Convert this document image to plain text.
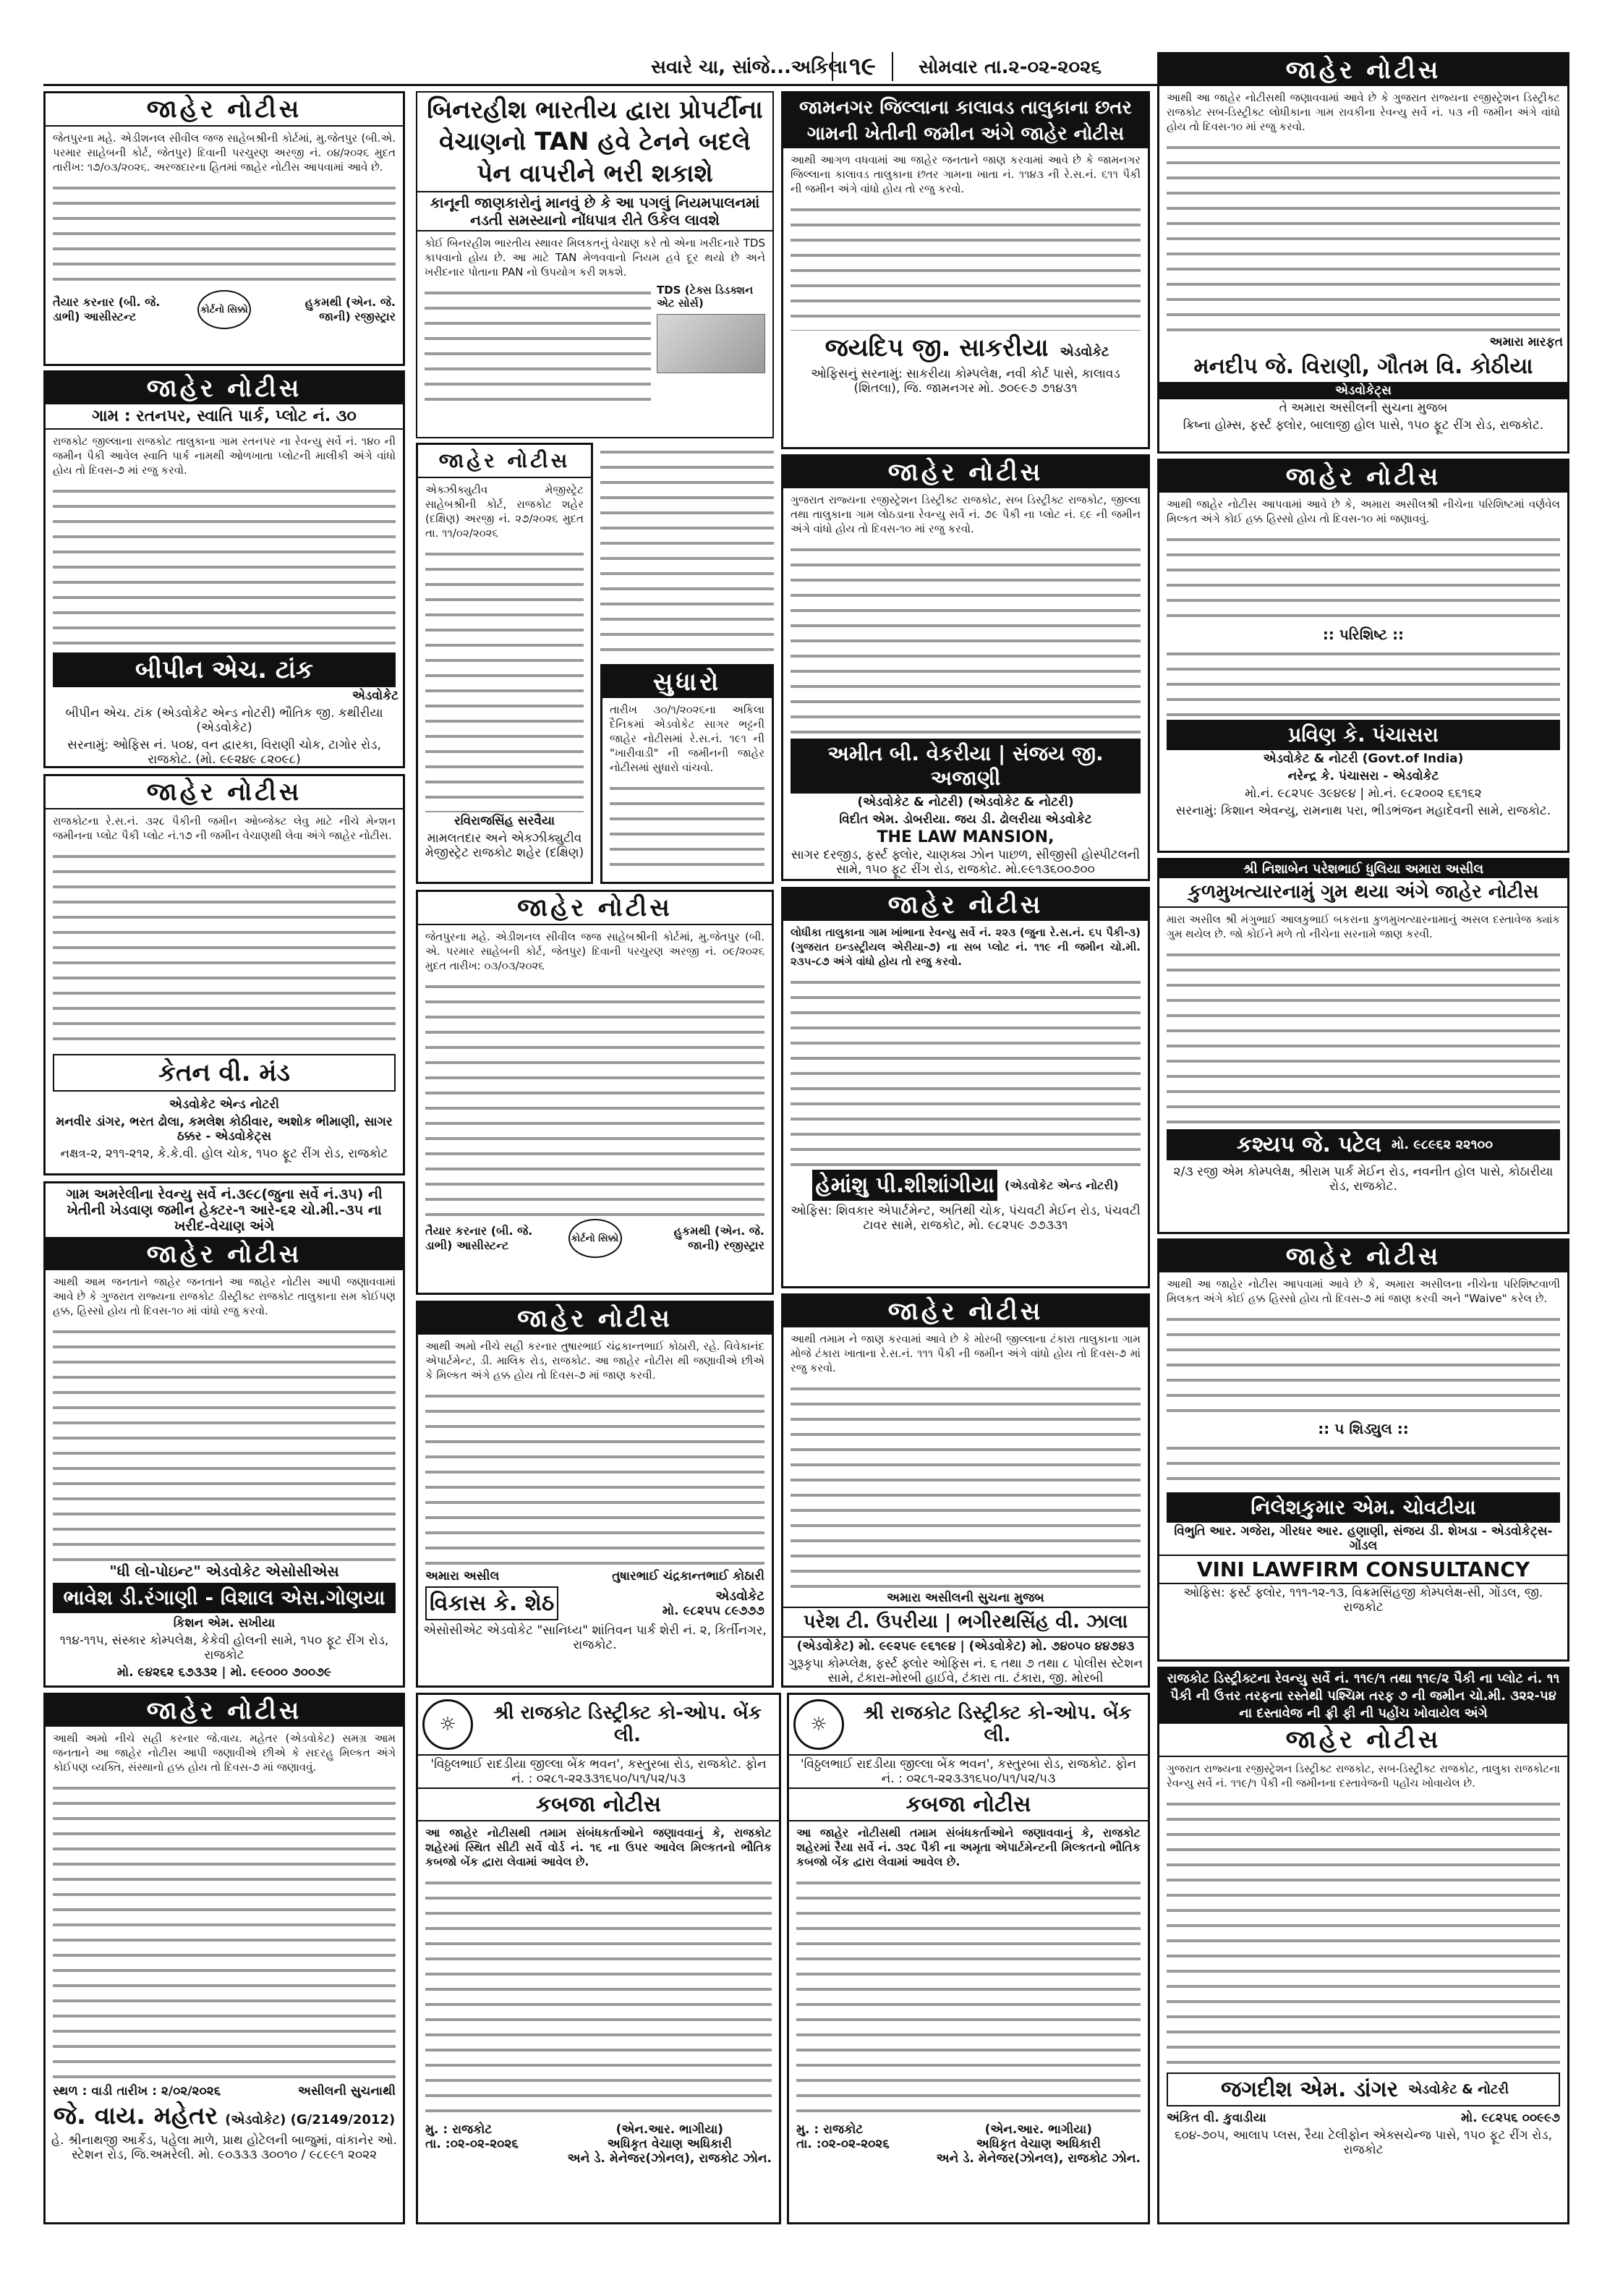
સવારે ચા, સાંજે...અકિલા ૧૯	સોમવાર તા.૨-૦૨-૨૦૨૬
જાહેર નોટીસ
જેતપુરના મહે. એડીશનલ સીવીલ જજ સાહેબશ્રીની કોર્ટમાં, મુ.જેતપુર (બી.એ. પરમાર સાહેબની કોર્ટ, જેતપુર) દિવાની પરચુરણ અરજી નં. ૦૪/૨૦૨૬ મુદત તારીખ: ૧૭/૦૩/૨૦૨૬. અરજદારના હિતમાં જાહેર નોટીસ આપવામાં આવે છે.
તૈયાર કરનાર (બી. જે. ડાભી) આસીસ્ટન્ટ	કોર્ટનો સિક્કો
હુકમથી (એન. જે. જાની) રજીસ્ટ્રાર
જાહેર નોટીસ
ગામ : રતનપર, સ્વાતિ પાર્ક, પ્લોટ નં. ૩૦
રાજકોટ જીલ્લાના રાજકોટ તાલુકાના ગામ રતનપર ના રેવન્યુ સર્વે નં. ૧૪૦ ની જમીન પૈકી આવેલ સ્વાતિ પાર્ક નામથી ઓળખાતા પ્લોટની માલીકી અંગે વાંધો હોય તો દિવસ-૭ માં રજુ કરવો.
બીપીન એચ. ટાંક
એડવોકેટ
બીપીન એચ. ટાંક (એડવોકેટ એન્ડ નોટરી) ભૌતિક જી. કથીરીયા (એડવોકેટ)
સરનામું: ઓફિસ નં. ૫૦૪, વન દ્વારકા, વિરાણી ચોક, ટાગોર રોડ, રાજકોટ. (મો. ૯૯૨૪૯ ૮૨૦૯૮)
જાહેર નોટીસ
રાજકોટના રે.સ.નં. ૩૨૮ પૈકીની જમીન ઓબ્જેક્ટ લેવુ માટે નીચે મેન્શન જમીનના પ્લોટ પૈકી પ્લોટ નં.૧૭ ની જમીન વેચાણથી લેવા અંગે જાહેર નોટીસ.
કેતન વી. મંડ
એડવોકેટ એન્ડ નોટરી
મનવીર ડાંગર, ભરત ઢોલા, કમલેશ કોઠીવાર, અશોક ભીમાણી, સાગર ઠક્કર - એડવોકેટ્સ
નક્ષત્ર-૨, ૨૧૧-૨૧૨, કે.કે.વી. હોલ ચોક, ૧૫૦ ફૂટ રીંગ રોડ, રાજકોટ
ગામ અમરેલીના રેવન્યુ સર્વે નં.૩૯૮(જુના સર્વે નં.૩૫) ની ખેતીની ખેડવાણ જમીન હેક્ટર-૧ આરે-૬૨ ચો.મી.-૩૫ ના ખરીદ-વેચાણ અંગે
જાહેર નોટીસ
આથી આમ જનતાને જાહેર જનતાને આ જાહેર નોટીસ આપી જણાવવામાં આવે છે કે ગુજરાત રાજ્યના રાજકોટ ડીસ્ટ્રીક્ટ રાજકોટ તાલુકાના સમ કોઈપણ હક્ક, હિસ્સો હોય તો દિવસ-૧૦ માં વાંધો રજુ કરવો.
"ધી લો-પોઇન્ટ" એડવોકેટ એસોસીએસ
ભાવેશ ડી.રંગાણી - વિશાલ એસ.ગોણયા
કિશન એમ. સખીયા
૧૧૪-૧૧૫, સંસ્કાર કોમ્પલેક્ષ, કેકેવી હોલની સામે, ૧૫૦ ફૂટ રીંગ રોડ, રાજકોટ
મો. ૯૪૨૬૨ ૬૭૩૩૨ | મો. ૯૯૦૦૦ ૭૦૦૭૯
જાહેર નોટીસ
આથી અમો નીચે સહી કરનાર જે.વાય. મહેતર (એડવોકેટ) સમગ્ર આમ જનતાને આ જાહેર નોટીસ આપી જણાવીએ છીએ કે સદરહુ મિલ્કત અંગે કોઈપણ વ્યક્તિ, સંસ્થાનો હક્ક હોય તો દિવસ-૭ માં જણાવવું.
સ્થળ : વાડી તારીખ : ૨/૦૨/૨૦૨૬	અસીલની સુચનાથી
જે. વાય. મહેતર (એડવોકેટ) (G/2149/2012)
હે. શ્રીનાથજી આર્કેડ, પહેલા માળે, પ્રાથ હોટેલની બાજુમાં, વાંકાનેર ઓ. સ્ટેશન રોડ, જિ.અમરેલી. મો. ૯૦૩૩૩ ૩૦૦૧૦ / ૯૮૯૯૧ ૨૦૨૨
બિનરહીશ ભારતીય દ્વારા પ્રોપર્ટીના વેચાણનો TAN હવે ટેનને બદલે પેન વાપરીને ભરી શકાશે
કાનૂની જાણકારોનું માનવું છે કે આ પગલું નિયમપાલનમાં નડતી સમસ્યાનો નોંધપાત્ર રીતે ઉકેલ લાવશે
કોઈ બિનરહીશ ભારતીય સ્થાવર મિલકતનું વેચાણ કરે તો એના ખરીદનારે TDS કાપવાનો હોય છે. આ માટે TAN મેળવવાનો નિયમ હવે દૂર થયો છે અને ખરીદનાર પોતાના PAN નો ઉપયોગ કરી શકશે.
TDS (ટેક્સ ડિડક્શન એટ સોર્સ)
જાહેર નોટીસ
એક્ઝીક્યુટીવ મેજીસ્ટ્રેટ સાહેબશ્રીની કોર્ટ, રાજકોટ શહેર (દક્ષિણ) અરજી નં. ૨૭/૨૦૨૬ મુદત તા. ૧૧/૦૨/૨૦૨૬
રવિરાજસિંહ સરવૈયા
મામલતદાર અને એક્ઝીક્યુટીવ મેજીસ્ટ્રેટ રાજકોટ શહેર (દક્ષિણ)
સુધારો
તારીખ ૩૦/૧/૨૦૨૬ના અકિલા દૈનિકમાં એડવોકેટ સાગર ભટ્ટની જાહેર નોટીસમાં રે.સ.નં. ૧૯૧ ની "ખારીવાડી" ની જમીનની જાહેર નોટીસમાં સુધારો વાંચવો.
જાહેર નોટીસ
જેતપુરના મહે. એડીશનલ સીવીલ જજ સાહેબશ્રીની કોર્ટમાં, મુ.જેતપુર (બી. એ. પરમાર સાહેબની કોર્ટ, જેતપુર) દિવાની પરચુરણ અરજી નં. ૦૯/૨૦૨૬ મુદત તારીખ: ૦૩/૦૩/૨૦૨૬
તૈયાર કરનાર (બી. જે. ડાભી) આસીસ્ટન્ટ	કોર્ટનો સિક્કો
હુકમથી (એન. જે. જાની) રજીસ્ટ્રાર
જાહેર નોટીસ
આથી અમો નીચે સહી કરનાર તુષારભાઈ ચંદ્રકાન્તભાઈ કોઠારી, રહે. વિવેકાનંદ એપાર્ટમેન્ટ, ડી. માલિક રોડ, રાજકોટ. આ જાહેર નોટીસ થી જણાવીએ છીએ કે મિલ્કત અંગે હક્ક હોય તો દિવસ-૭ માં જાણ કરવી.
અમારા અસીલ	તુષારભાઈ ચંદ્રકાન્તભાઈ કોઠારી
વિકાસ કે. શેઠ	એડવોકેટ
મો. ૯૮૨૫૫ ૮૯૭૭૭
એસોસીએટ એડવોકેટ "સાનિધ્ય" શાંતિવન પાર્ક શેરી નં. ૨, કિર્તીનગર, રાજકોટ.
જામનગર જિલ્લાના કાલાવડ તાલુકાના છતર ગામની ખેતીની જમીન અંગે જાહેર નોટીસ
આથી આગળ વધવામાં આ જાહેર જનતાને જાણ કરવામાં આવે છે કે જામનગર જિલ્લાના કાલાવડ તાલુકાના છતર ગામના ખાતા નં. ૧૧૪૩ ની રે.સ.નં. ૬૧૧ પૈકી ની જમીન અંગે વાંધો હોય તો રજુ કરવો.
જયદિપ જી. સાકરીયા એડવોકેટ
ઓફિસનું સરનામું: સાકરીયા કોમ્પલેક્ષ, નવી કોર્ટ પાસે, કાલાવડ (શિતલા), જિ. જામનગર મો. ૭૦૯૯૭ ૭૧૪૩૧
જાહેર નોટીસ
ગુજરાત રાજ્યના રજીસ્ટ્રેશન ડિસ્ટ્રીક્ટ રાજકોટ, સબ ડિસ્ટ્રીક્ટ રાજકોટ, જીલ્લા તથા તાલુકાના ગામ લોઠડાના રેવન્યુ સર્વે નં. ૭૯ પૈકી ના પ્લોટ નં. ૬૯ ની જમીન અંગે વાંધો હોય તો દિવસ-૧૦ માં રજુ કરવો.
અમીત બી. વેકરીયા | સંજય જી. અજાણી
(એડવોકેટ & નોટરી) (એડવોકેટ & નોટરી)
વિદીત એમ. ડોબરીયા. જય ડી. ઢોલરીયા એડવોકેટ
THE LAW MANSION,
સાગર દરજીડ, ફર્સ્ટ ફ્લોર, ચાણક્ય ઝોન પાછળ, સીજીસી હોસ્પીટલની સામે, ૧૫૦ ફૂટ રીંગ રોડ, રાજકોટ. મો.૯૯૧૩૬૦૦૭૦૦
જાહેર નોટીસ
લોધીકા તાલુકાના ગામ ખાંભાના રેવન્યુ સર્વે નં. ૨૨૩ (જુના રે.સ.નં. ૬૫ પૈકી-૩) (ગુજરાત ઇન્ડસ્ટ્રીયલ એરીયા-૭) ના સબ પ્લોટ નં. ૧૧૯ ની જમીન ચો.મી. ૨૩૫-૮૭ અંગે વાંધો હોય તો રજુ કરવો.
હેમાંશુ પી.શીશાંગીયા (એડવોકેટ એન્ડ નોટરી)
ઓફિસ: શિવકાર એપાર્ટમેન્ટ, અતિથી ચોક, પંચવટી મેઈન રોડ, પંચવટી ટાવર સામે, રાજકોટ, મો. ૯૮૨૫૯ ૭૭૩૩૧
જાહેર નોટીસ
આથી તમામ ને જાણ કરવામાં આવે છે કે મોરબી જીલ્લાના ટંકારા તાલુકાના ગામ મોજે ટંકારા ખાતાના રે.સ.નં. ૧૧૧ પૈકી ની જમીન અંગે વાંધો હોય તો દિવસ-૭ માં રજુ કરવો.
અમારા અસીલની સુચના મુજબ
પરેશ ટી. ઉપરીયા | ભગીરથસિંહ વી. ઝાલા
(એડવોકેટ) મો. ૯૯૨૫૯ ૯૬૧૯૪ | (એડવોકેટ) મો. ૭૪૦૫૦ ૪૪૭૪૩
ગુરૂકૃપા કોમ્પ્લેક્ષ, ફર્સ્ટ ફ્લોર ઓફિસ નં. ૬ તથા ૭ તથા ૮ પોલીસ સ્ટેશન સામે, ટંકારા-મોરબી હાઈવે, ટંકારા તા. ટંકારા, જી. મોરબી
☼
શ્રી રાજકોટ ડિસ્ટ્રીક્ટ કો-ઓપ. બેંક લી.
'વિઠ્ઠલભાઈ રાદડીયા જીલ્લા બેંક ભવન', કસ્તુરબા રોડ, રાજકોટ. ફોન નં. : ૦૨૮૧-૨૨૩૩૧૬૫૦/૫૧/૫૨/૫૩
કબજા નોટીસ
આ જાહેર નોટીસથી તમામ સંબંધકર્તાઓને જણાવવાનું કે, રાજકોટ શહેરમાં સ્થિત સીટી સર્વે વોર્ડ નં. ૧૬ ના ઉપર આવેલ મિલ્કતનો ભૌતિક કબજો બેંક દ્વારા લેવામાં આવેલ છે.
મુ. : રાજકોટ
તા. :૦૨-૦૨-૨૦૨૬
(એન.આર. ભાગીયા)
અધિકૃત વેચાણ અધિકારી
અને ડે. મેનેજર(ઝોનલ), રાજકોટ ઝોન.
☼
શ્રી રાજકોટ ડિસ્ટ્રીક્ટ કો-ઓપ. બેંક લી.
'વિઠ્ઠલભાઈ રાદડીયા જીલ્લા બેંક ભવન', કસ્તુરબા રોડ, રાજકોટ. ફોન નં. : ૦૨૮૧-૨૨૩૩૧૬૫૦/૫૧/૫૨/૫૩
કબજા નોટીસ
આ જાહેર નોટીસથી તમામ સંબંધકર્તાઓને જણાવવાનું કે, રાજકોટ શહેરમાં રૈયા સર્વે નં. ૩૨૮ પૈકી ના અમૃતા એપાર્ટમેન્ટની મિલ્કતનો ભૌતિક કબજો બેંક દ્વારા લેવામાં આવેલ છે.
મુ. : રાજકોટ
તા. :૦૨-૦૨-૨૦૨૬
(એન.આર. ભાગીયા)
અધિકૃત વેચાણ અધિકારી
અને ડે. મેનેજર(ઝોનલ), રાજકોટ ઝોન.
જાહેર નોટીસ
આથી આ જાહેર નોટીસથી જણાવવામાં આવે છે કે ગુજરાત રાજ્યના રજીસ્ટ્રેશન ડિસ્ટ્રીક્ટ રાજકોટ સબ-ડિસ્ટ્રીક્ટ લોધીકાના ગામ રાવકીના રેવન્યુ સર્વે નં. ૫૩ ની જમીન અંગે વાંધો હોય તો દિવસ-૧૦ માં રજુ કરવો.
અમારા મારફત
મનદીપ જે. વિરાણી, ગૌતમ વિ. કોઠીયા
એડવોકેટ્સ
તે અમારા અસીલની સુચના મુજબ
ક્રિષ્ના હોમ્સ, ફર્સ્ટ ફ્લોર, બાલાજી હોલ પાસે, ૧૫૦ ફૂટ રીંગ રોડ, રાજકોટ.
જાહેર નોટીસ
આથી જાહેર નોટીસ આપવામાં આવે છે કે, અમારા અસીલશ્રી નીચેના પરિશિષ્ટમાં વર્ણવેલ મિલ્કત અંગે કોઈ હક્ક હિસ્સો હોય તો દિવસ-૧૦ માં જણાવવું.
:: પરિશિષ્ટ ::
પ્રવિણ કે. પંચાસરા
એડવોકેટ & નોટરી (Govt.of India)
નરેન્દ્ર કે. પંચાસરા - એડવોકેટ
મો.નં. ૯૮૨૫૯ ૩૯૪૯૪ | મો.નં. ૯૮૨૦૦૨ ૬૬૧૬૨
સરનામું: કિશાન એવન્યુ, રામનાથ પરા, ભીડભંજન મહાદેવની સામે, રાજકોટ.
શ્રી નિશાબેન પરેશભાઈ ધુલિયા અમારા અસીલ
કુળમુખત્યારનામું ગુમ થયા અંગે જાહેર નોટીસ
મારા અસીલ શ્રી મંગુભાઈ આલકુભાઈ બકરાના કુળમુખત્યારનામાનું અસલ દસ્તાવેજ ક્યાંક ગુમ થયેલ છે. જો કોઈને મળે તો નીચેના સરનામે જાણ કરવી.
કશ્યપ જે. પટેલ મો. ૯૮૯૬૨ ૨૨૧૦૦
૨/૩ રજી એમ કોમ્પલેક્ષ, શ્રીરામ પાર્ક મેઈન રોડ, નવનીત હોલ પાસે, કોઠારીયા રોડ, રાજકોટ.
જાહેર નોટીસ
આથી આ જાહેર નોટીસ આપવામાં આવે છે કે, અમારા અસીલના નીચેના પરિશિષ્ટવાળી મિલકત અંગે કોઈ હક્ક હિસ્સો હોય તો દિવસ-૭ માં જાણ કરવી અને "Waive" કરેલ છે.
:: ૫ શિડ્યુલ ::
નિલેશકુમાર એમ. ચોવટીયા
વિભુતિ આર. ગજેરા, ગીરધર આર. હણાણી, સંજય ડી. શેખડા - એડવોકેટ્સ-ગોંડલ
VINI LAWFIRM CONSULTANCY
ઓફિસ: ફર્સ્ટ ફ્લોર, ૧૧૧-૧૨-૧૩, વિક્રમસિંહજી કોમ્પલેક્ષ-સી, ગોંડલ, જી. રાજકોટ
રાજકોટ ડિસ્ટ્રીક્ટના રેવન્યુ સર્વે નં. ૧૧૯/૧ તથા ૧૧૯/૨ પૈકી ના પ્લોટ નં. ૧૧ પૈકી ની ઉત્તર તરફના રસ્તેથી પશ્ચિમ તરફ ૭ ની જમીન ચો.મી. ૩૨૨-૫૪ ના દસ્તાવેજ ની ફ્રી ફી ની પહોંચ ખોવાયેલ અંગે
જાહેર નોટીસ
ગુજરાત રાજ્યના રજીસ્ટ્રેશન ડિસ્ટ્રીક્ટ રાજકોટ, સબ-ડિસ્ટ્રીક્ટ રાજકોટ, તાલુકા રાજકોટના રેવન્યુ સર્વે નં. ૧૧૯/૧ પૈકી ની જમીનના દસ્તાવેજની પહોંચ ખોવાયેલ છે.
જગદીશ એમ. ડાંગર એડવોકેટ & નોટરી
અંકિત વી. કુવાડીયા	મો. ૯૮૨૫૬ ૦૦૯૯૭
૬૦૪-૭૦૫, આલાપ પ્લસ, રૈયા ટેલીફોન એક્સચેન્જ પાસે, ૧૫૦ ફૂટ રીંગ રોડ, રાજકોટ
